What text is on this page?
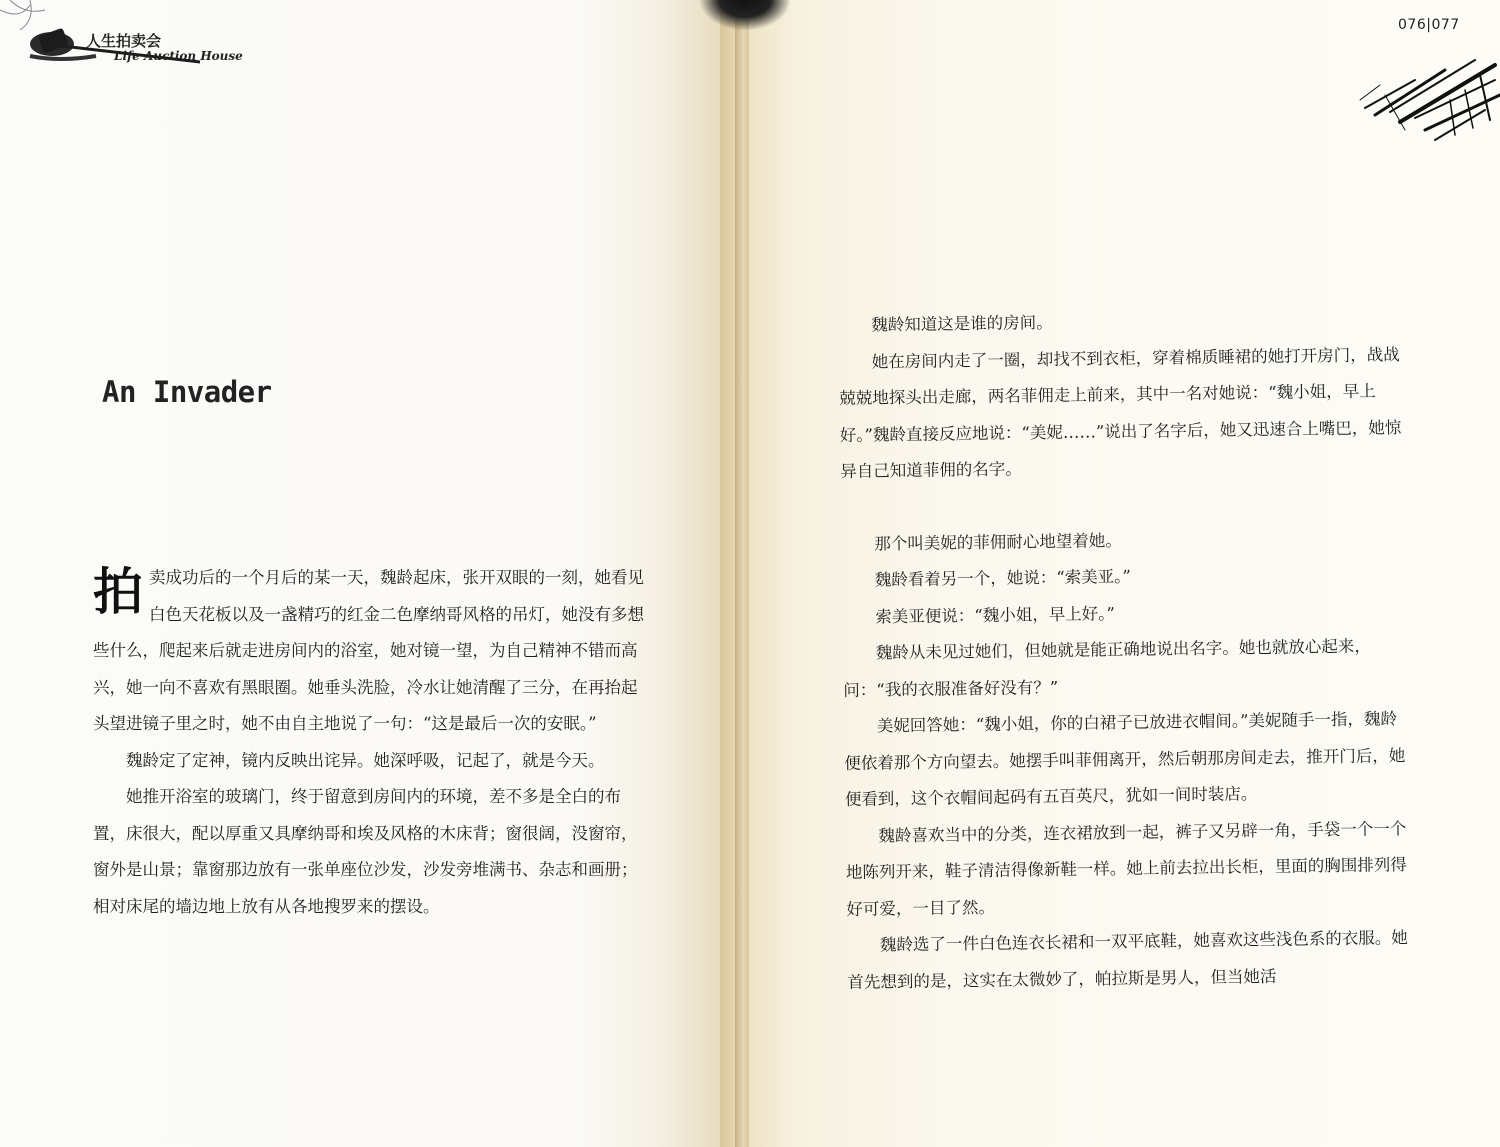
人生拍卖会
Life Auction House
076|077
An Invader

拍卖成功后的一个月后的某一天，魏龄起床，张开双眼的一刻，她看见白色天花板以及一盏精巧的红金二色摩纳哥风格的吊灯，她没有多想些什么，爬起来后就走进房间内的浴室，她对镜一望，为自己精神不错而高兴，她一向不喜欢有黑眼圈。她垂头洗脸，冷水让她清醒了三分，在再抬起头望进镜子里之时，她不由自主地说了一句：“这是最后一次的安眠。”

魏龄定了定神，镜内反映出诧异。她深呼吸，记起了，就是今天。

她推开浴室的玻璃门，终于留意到房间内的环境，差不多是全白的布置，床很大，配以厚重又具摩纳哥和埃及风格的木床背；窗很阔，没窗帘，窗外是山景；靠窗那边放有一张单座位沙发，沙发旁堆满书、杂志和画册；相对床尾的墙边地上放有从各地搜罗来的摆设。

魏龄知道这是谁的房间。

她在房间内走了一圈，却找不到衣柜，穿着棉质睡裙的她打开房门，战战兢兢地探头出走廊，两名菲佣走上前来，其中一名对她说：“魏小姐，早上好。”魏龄直接反应地说：“美妮……”说出了名字后，她又迅速合上嘴巴，她惊异自己知道菲佣的名字。

那个叫美妮的菲佣耐心地望着她。

魏龄看着另一个，她说：“索美亚。”

索美亚便说：“魏小姐，早上好。”

魏龄从未见过她们，但她就是能正确地说出名字。她也就放心起来，问：“我的衣服准备好没有？”

美妮回答她：“魏小姐，你的白裙子已放进衣帽间。”美妮随手一指，魏龄便依着那个方向望去。她摆手叫菲佣离开，然后朝那房间走去，推开门后，她便看到，这个衣帽间起码有五百英尺，犹如一间时装店。

魏龄喜欢当中的分类，连衣裙放到一起，裤子又另辟一角，手袋一个一个地陈列开来，鞋子清洁得像新鞋一样。她上前去拉出长柜，里面的胸围排列得好可爱，一目了然。

魏龄选了一件白色连衣长裙和一双平底鞋，她喜欢这些浅色系的衣服。她首先想到的是，这实在太微妙了，帕拉斯是男人，但当她活
